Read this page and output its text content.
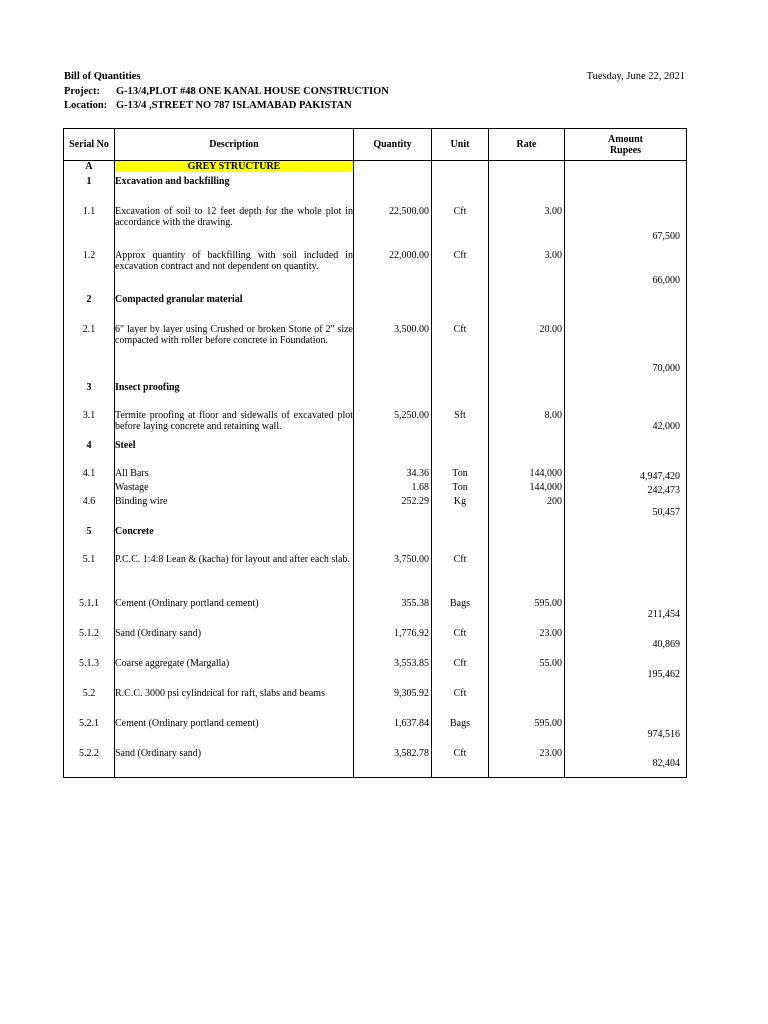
Bill of Quantities	Tuesday, June 22, 2021
Project: G-13/4,PLOT #48 ONE KANAL HOUSE CONSTRUCTION
Location: G-13/4 ,STREET NO 787 ISLAMABAD PAKISTAN
Serial No	Description	Quantity	Unit	Rate	Amount
Rupees

A	GREY STRUCTURE				

1	Excavation and backfilling				
1.1	Excavation of soil to 12 feet depth for the whole plot in accordance with the drawing.	22,500.00	Cft	3.00	67,500
1.2	Approx quantity of backfilling with soil included in excavation contract and not dependent on quantity.	22,000.00	Cft	3.00	66,000
2	Compacted granular material				
2.1	6" layer by layer using Crushed or broken Stone of 2" size compacted with roller before concrete in Foundation.	3,500.00	Cft	20.00	70,000
3	Insect proofing				
3.1	Termite proofing at floor and sidewalls of excavated plot before laying concrete and retaining wall.	5,250.00	Sft	8.00	42,000
4	Steel				
4.1	All Bars	34.36	Ton	144,000	4,947,420
	Wastage	1.68	Ton	144,000	242,473
4.6	Binding wire	252.29	Kg	200	50,457
5	Concrete				
5.1	P.C.C. 1:4:8 Lean & (kacha) for layout and after each slab.	3,750.00	Cft		
5.1.1	Cement (Ordinary portland cement)	355.38	Bags	595.00	211,454
5.1.2	Sand (Ordinary sand)	1,776.92	Cft	23.00	40,869
5.1.3	Coarse aggregate (Margalla)	3,553.85	Cft	55.00	195,462
5.2	R.C.C. 3000 psi cylindrical for raft, slabs and beams	9,305.92	Cft		
5.2.1	Cement (Ordinary portland cement)	1,637.84	Bags	595.00	974,516
5.2.2	Sand (Ordinary sand)	3,582.78	Cft	23.00	82,404
